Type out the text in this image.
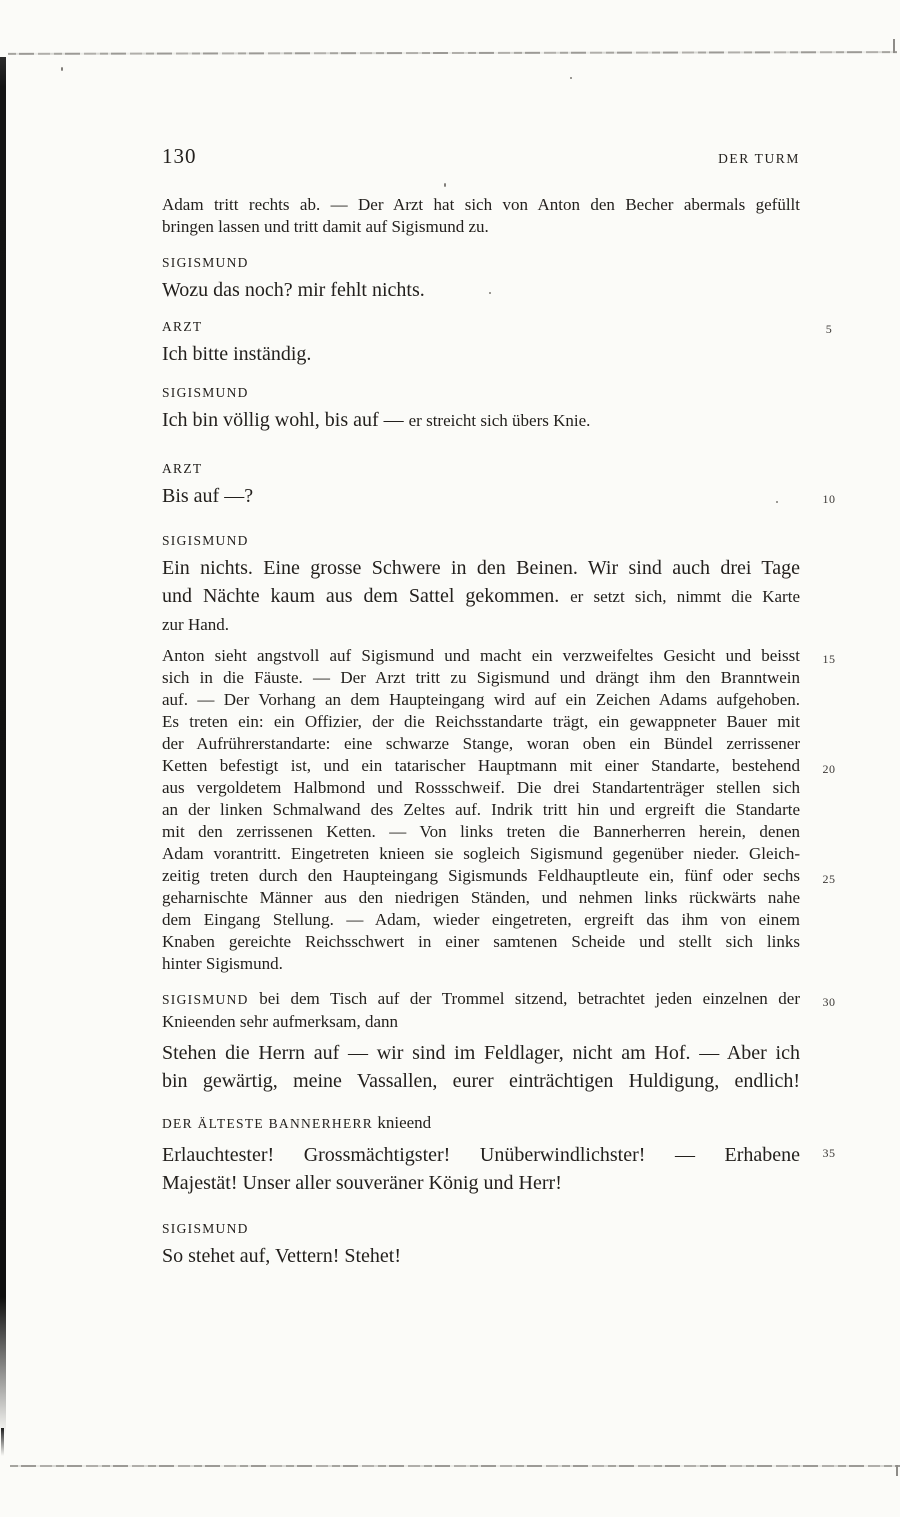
130	DER TURM
5
10
15
20
25
30
35
Adam tritt rechts ab. — Der Arzt hat sich von Anton den Becher abermals gefüllt
bringen lassen und tritt damit auf Sigismund zu.
SIGISMUND

Wozu das noch? mir fehlt nichts.

ARZT

Ich bitte inständig.

SIGISMUND

Ich bin völlig wohl, bis auf — er streicht sich übers Knie.

ARZT

Bis auf —?

SIGISMUND
Ein nichts. Eine grosse Schwere in den Beinen. Wir sind auch drei Tage
und Nächte kaum aus dem Sattel gekommen. er setzt sich, nimmt die Karte
zur Hand.
Anton sieht angstvoll auf Sigismund und macht ein verzweifeltes Gesicht und beisst
sich in die Fäuste. — Der Arzt tritt zu Sigismund und drängt ihm den Branntwein
auf. — Der Vorhang an dem Haupteingang wird auf ein Zeichen Adams aufgehoben.
Es treten ein: ein Offizier, der die Reichsstandarte trägt, ein gewappneter Bauer mit
der Aufrührerstandarte: eine schwarze Stange, woran oben ein Bündel zerrissener
Ketten befestigt ist, und ein tatarischer Hauptmann mit einer Standarte, bestehend
aus vergoldetem Halbmond und Rossschweif. Die drei Standartenträger stellen sich
an der linken Schmalwand des Zeltes auf. Indrik tritt hin und ergreift die Standarte
mit den zerrissenen Ketten. — Von links treten die Bannerherren herein, denen
Adam vorantritt. Eingetreten knieen sie sogleich Sigismund gegenüber nieder. Gleich-
zeitig treten durch den Haupteingang Sigismunds Feldhauptleute ein, fünf oder sechs
geharnischte Männer aus den niedrigen Ständen, und nehmen links rückwärts nahe
dem Eingang Stellung. — Adam, wieder eingetreten, ergreift das ihm von einem
Knaben gereichte Reichsschwert in einer samtenen Scheide und stellt sich links
hinter Sigismund.
SIGISMUND bei dem Tisch auf der Trommel sitzend, betrachtet jeden einzelnen der
Knieenden sehr aufmerksam, dann
Stehen die Herrn auf — wir sind im Feldlager, nicht am Hof. — Aber ich
bin gewärtig, meine Vassallen, eurer einträchtigen Huldigung, endlich!
DER ÄLTESTE BANNERHERR knieend
Erlauchtester! Grossmächtigster! Unüberwindlichster! — Erhabene
Majestät! Unser aller souveräner König und Herr!
SIGISMUND

So stehet auf, Vettern! Stehet!
